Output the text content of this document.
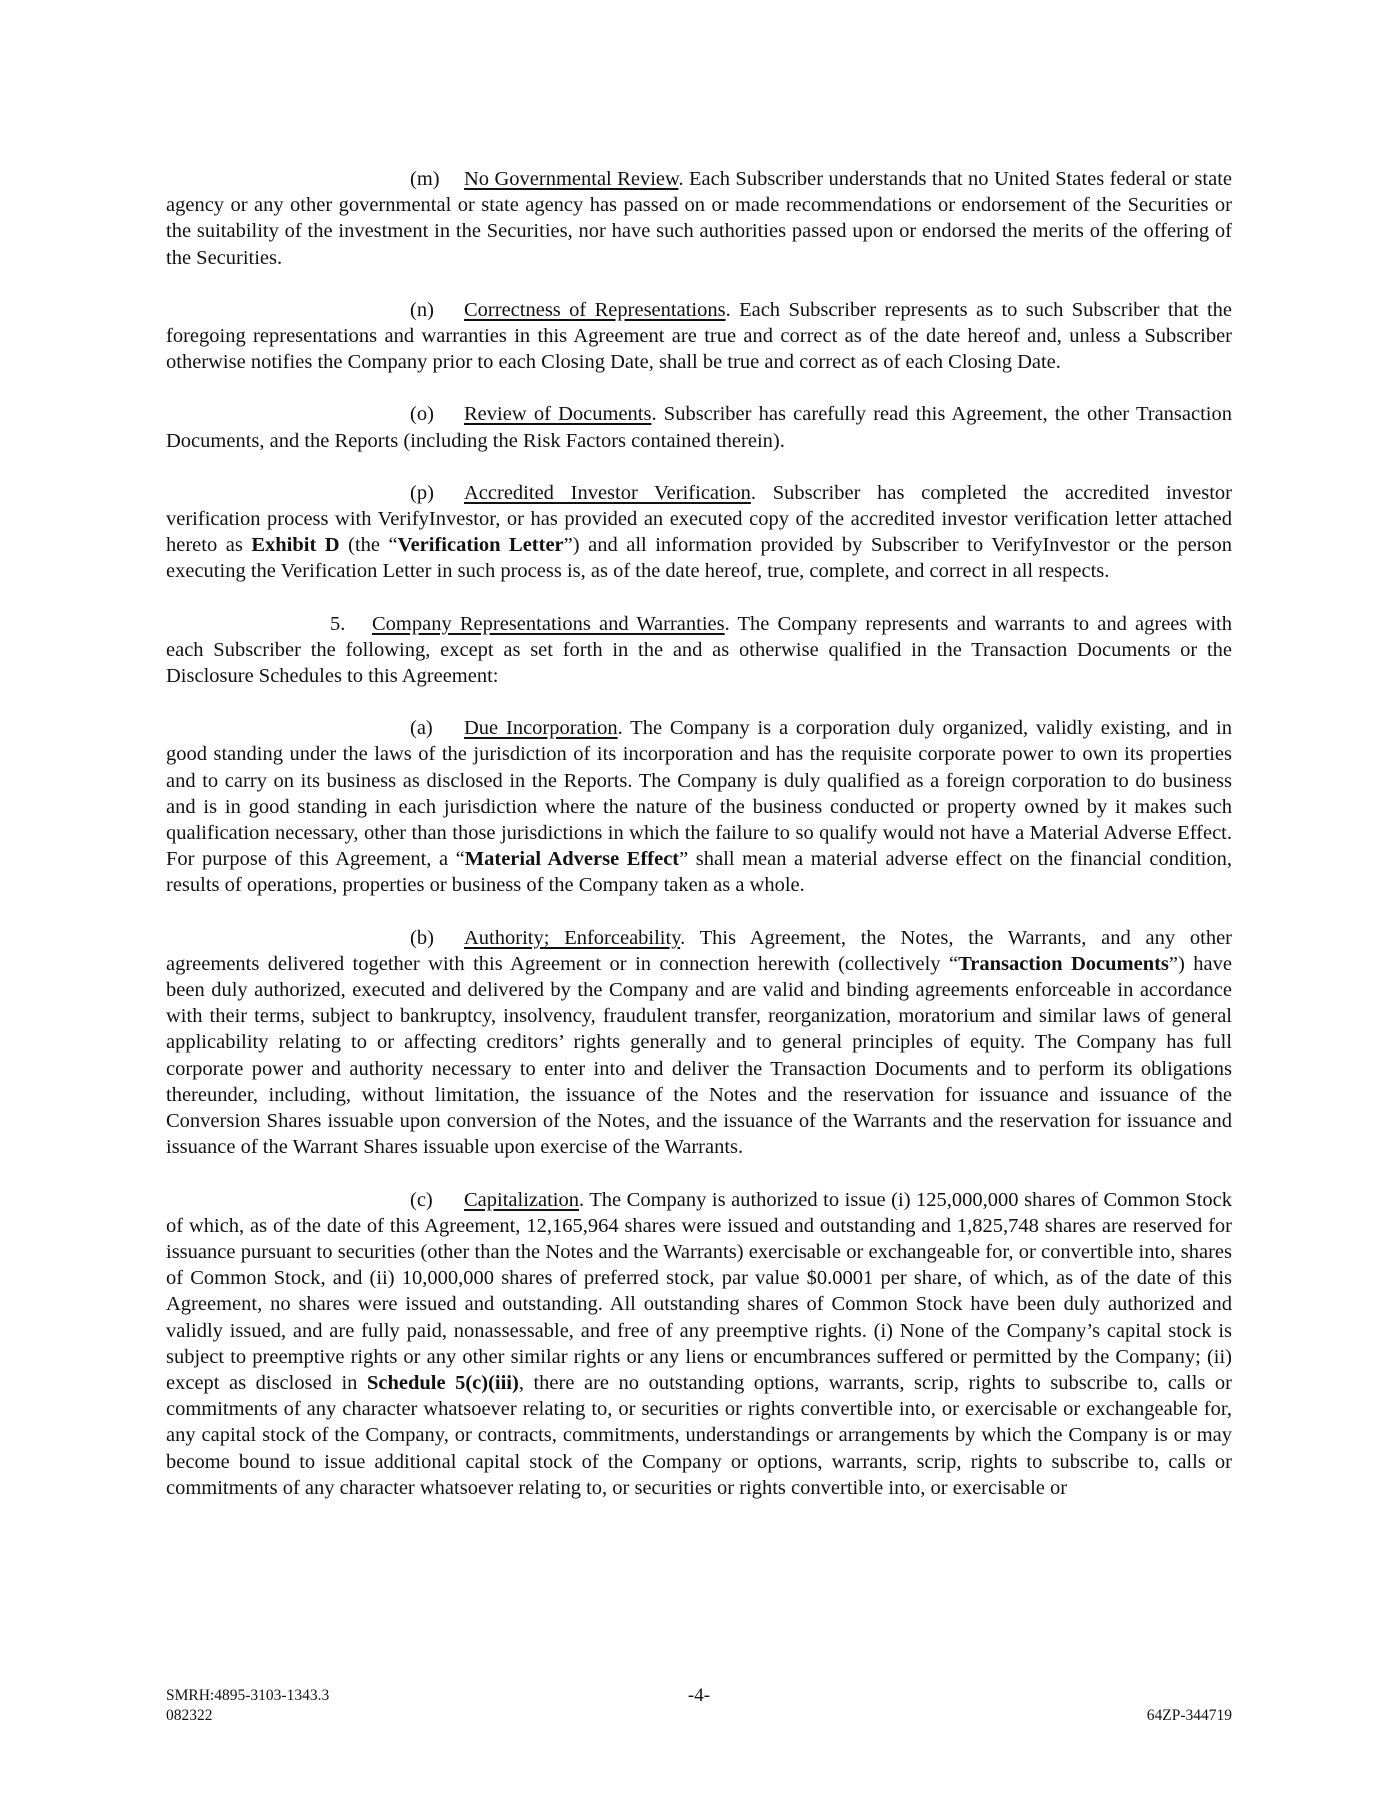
(m) No Governmental Review. Each Subscriber understands that no United States federal or state agency or any other governmental or state agency has passed on or made recommendations or endorsement of the Securities or the suitability of the investment in the Securities, nor have such authorities passed upon or endorsed the merits of the offering of the Securities.

(n) Correctness of Representations. Each Subscriber represents as to such Subscriber that the foregoing representations and warranties in this Agreement are true and correct as of the date hereof and, unless a Subscriber otherwise notifies the Company prior to each Closing Date, shall be true and correct as of each Closing Date.

(o) Review of Documents. Subscriber has carefully read this Agreement, the other Transaction Documents, and the Reports (including the Risk Factors contained therein).

(p) Accredited Investor Verification. Subscriber has completed the accredited investor verification process with VerifyInvestor, or has provided an executed copy of the accredited investor verification letter attached hereto as Exhibit D (the “Verification Letter”) and all information provided by Subscriber to VerifyInvestor or the person executing the Verification Letter in such process is, as of the date hereof, true, complete, and correct in all respects.

5. Company Representations and Warranties. The Company represents and warrants to and agrees with each Subscriber the following, except as set forth in the and as otherwise qualified in the Transaction Documents or the Disclosure Schedules to this Agreement:

(a) Due Incorporation. The Company is a corporation duly organized, validly existing, and in good standing under the laws of the jurisdiction of its incorporation and has the requisite corporate power to own its properties and to carry on its business as disclosed in the Reports. The Company is duly qualified as a foreign corporation to do business and is in good standing in each jurisdiction where the nature of the business conducted or property owned by it makes such qualification necessary, other than those jurisdictions in which the failure to so qualify would not have a Material Adverse Effect. For purpose of this Agreement, a “Material Adverse Effect” shall mean a material adverse effect on the financial condition, results of operations, properties or business of the Company taken as a whole.

(b) Authority; Enforceability. This Agreement, the Notes, the Warrants, and any other agreements delivered together with this Agreement or in connection herewith (collectively “Transaction Documents”) have been duly authorized, executed and delivered by the Company and are valid and binding agreements enforceable in accordance with their terms, subject to bankruptcy, insolvency, fraudulent transfer, reorganization, moratorium and similar laws of general applicability relating to or affecting creditors’ rights generally and to general principles of equity. The Company has full corporate power and authority necessary to enter into and deliver the Transaction Documents and to perform its obligations thereunder, including, without limitation, the issuance of the Notes and the reservation for issuance and issuance of the Conversion Shares issuable upon conversion of the Notes, and the issuance of the Warrants and the reservation for issuance and issuance of the Warrant Shares issuable upon exercise of the Warrants.

(c) Capitalization. The Company is authorized to issue (i) 125,000,000 shares of Common Stock of which, as of the date of this Agreement, 12,165,964 shares were issued and outstanding and 1,825,748 shares are reserved for issuance pursuant to securities (other than the Notes and the Warrants) exercisable or exchangeable for, or convertible into, shares of Common Stock, and (ii) 10,000,000 shares of preferred stock, par value $0.0001 per share, of which, as of the date of this Agreement, no shares were issued and outstanding. All outstanding shares of Common Stock have been duly authorized and validly issued, and are fully paid, nonassessable, and free of any preemptive rights. (i) None of the Company’s capital stock is subject to preemptive rights or any other similar rights or any liens or encumbrances suffered or permitted by the Company; (ii) except as disclosed in Schedule 5(c)(iii), there are no outstanding options, warrants, scrip, rights to subscribe to, calls or commitments of any character whatsoever relating to, or securities or rights convertible into, or exercisable or exchangeable for, any capital stock of the Company, or contracts, commitments, understandings or arrangements by which the Company is or may become bound to issue additional capital stock of the Company or options, warrants, scrip, rights to subscribe to, calls or commitments of any character whatsoever relating to, or securities or rights convertible into, or exercisable or

SMRH:4895-3103-1343.3
082322
-4-
64ZP-344719
